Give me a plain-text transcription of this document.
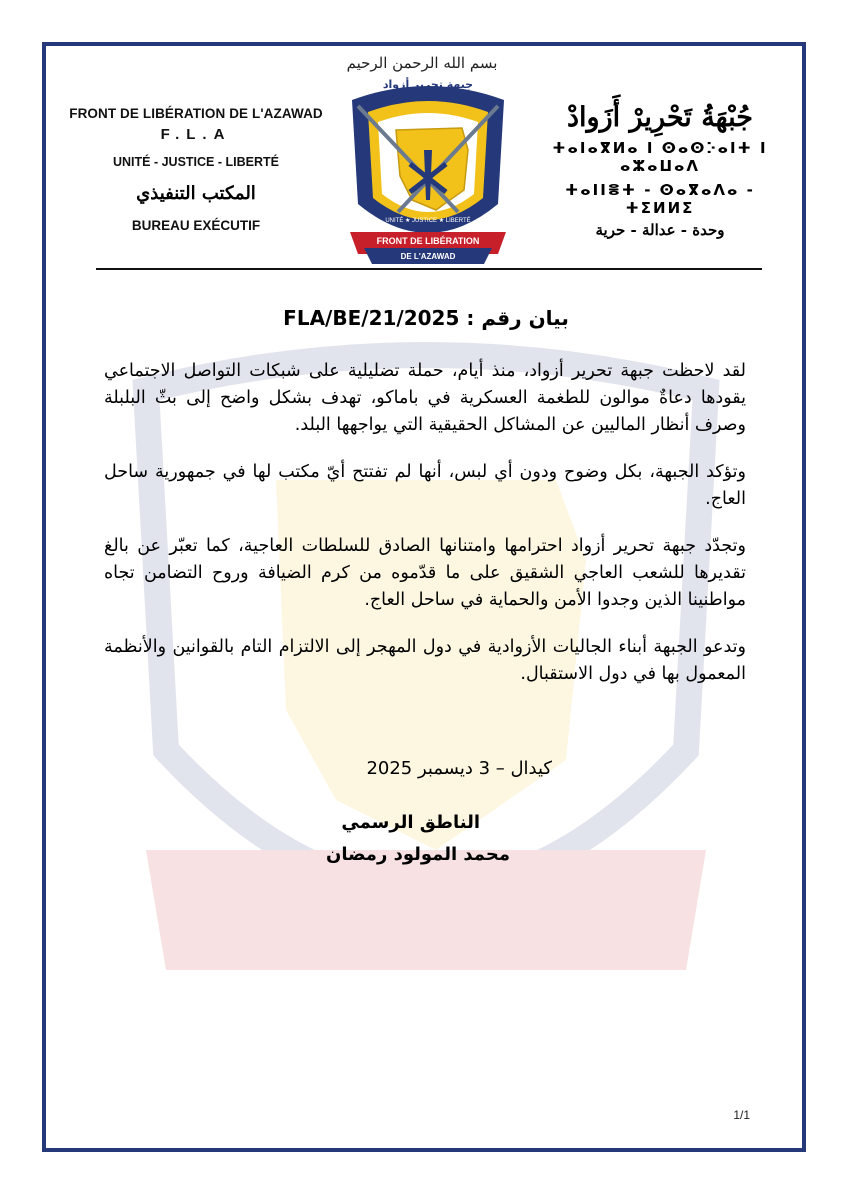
FRONT DE LIBÉRATION DE L'AZAWAD
F.L.A
UNITÉ - JUSTICE - LIBERTÉ
المكتب التنفيذي
BUREAU EXÉCUTIF
بسم الله الرحمن الرحيم
جبهة تحرير أزواد
UNITÉ ★ JUSTICE ★ LIBERTÉ
FRONT DE LIBÉRATION
DE L'AZAWAD
جُبْهَةُ تَحْرِيرْ أَزَوادْ
ⵜⴰⵏⴰⴳⵍⴰ ⵏ ⵙⴰⵙⴾⴰⵏⵜ ⵏ ⴰⵣⴰⵡⴰⴷ
ⵜⴰⵏⵏⴻⵜ - ⵙⴰⴳⴰⴷⴰ - ⵜⵉⵍⵍⵉ
وحدة - عدالة - حرية
بيان رقم : 2025/FLA/BE/21

لقد لاحظت جبهة تحرير أزواد، منذ أيام، حملة تضليلية على شبكات التواصل الاجتماعي يقودها دعاةٌ موالون للطغمة العسكرية في باماكو، تهدف بشكل واضح إلى بثّ البلبلة وصرف أنظار الماليين عن المشاكل الحقيقية التي يواجهها البلد.

وتؤكد الجبهة، بكل وضوح ودون أي لبس، أنها لم تفتتح أيّ مكتب لها في جمهورية ساحل العاج.

وتجدّد جبهة تحرير أزواد احترامها وامتنانها الصادق للسلطات العاجية، كما تعبّر عن بالغ تقديرها للشعب العاجي الشقيق على ما قدّموه من كرم الضيافة وروح التضامن تجاه مواطنينا الذين وجدوا الأمن والحماية في ساحل العاج.

وتدعو الجبهة أبناء الجاليات الأزوادية في دول المهجر إلى الالتزام التام بالقوانين والأنظمة المعمول بها في دول الاستقبال.

كيدال – 3 ديسمبر 2025
الناطق الرسمي
محمد المولود رمضان
1/1
